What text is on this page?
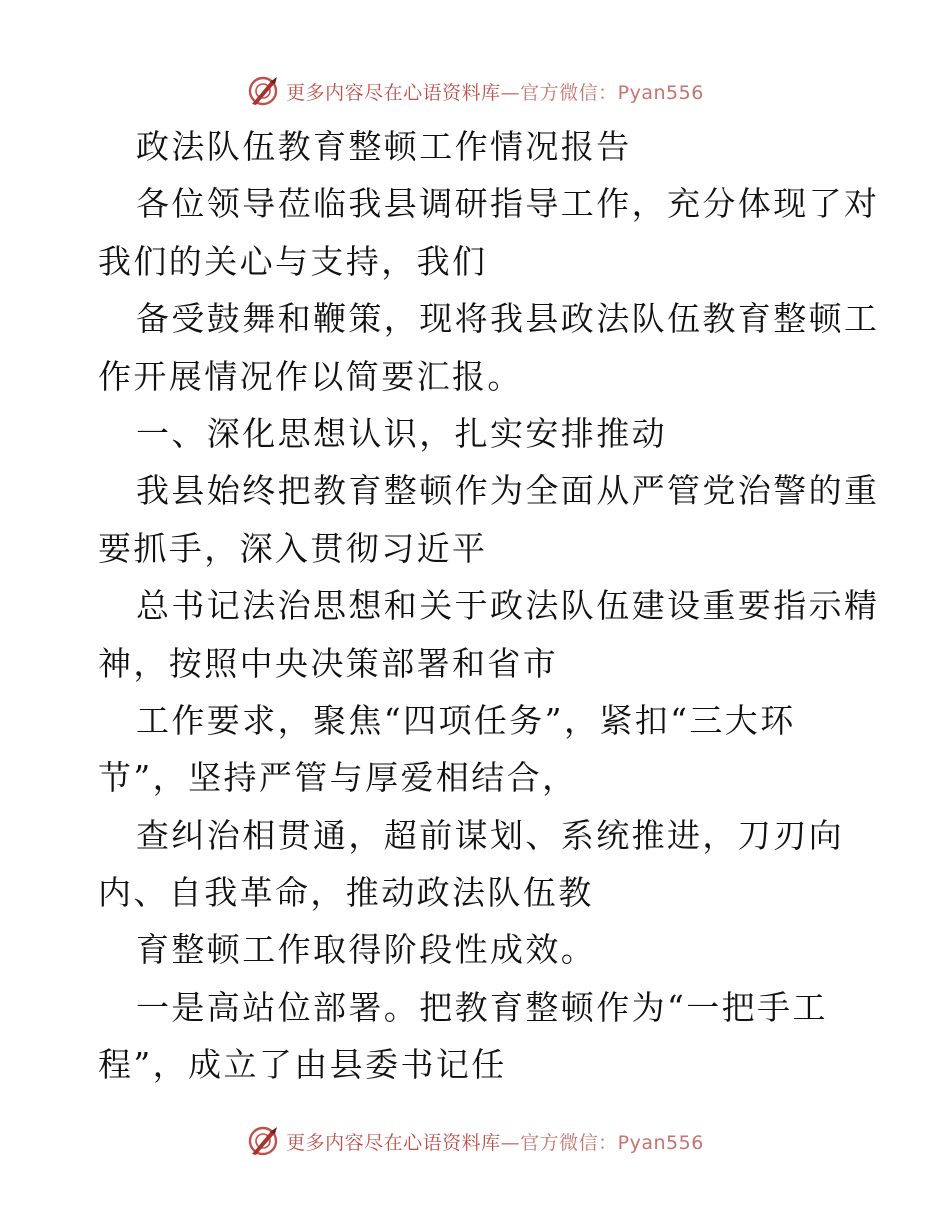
更多内容尽在心语资料库—官方微信：Pyan556
政法队伍教育整顿工作情况报告
各位领导莅临我县调研指导工作，充分体现了对
我们的关心与支持，我们
备受鼓舞和鞭策，现将我县政法队伍教育整顿工
作开展情况作以简要汇报。
一、深化思想认识，扎实安排推动
我县始终把教育整顿作为全面从严管党治警的重
要抓手，深入贯彻习近平
总书记法治思想和关于政法队伍建设重要指示精
神，按照中央决策部署和省市
工作要求，聚焦“四项任务”，紧扣“三大环
节”，坚持严管与厚爱相结合，
查纠治相贯通，超前谋划、系统推进，刀刃向
内、自我革命，推动政法队伍教
育整顿工作取得阶段性成效。
一是高站位部署。把教育整顿作为“一把手工
程”，成立了由县委书记任
更多内容尽在心语资料库—官方微信：Pyan556
